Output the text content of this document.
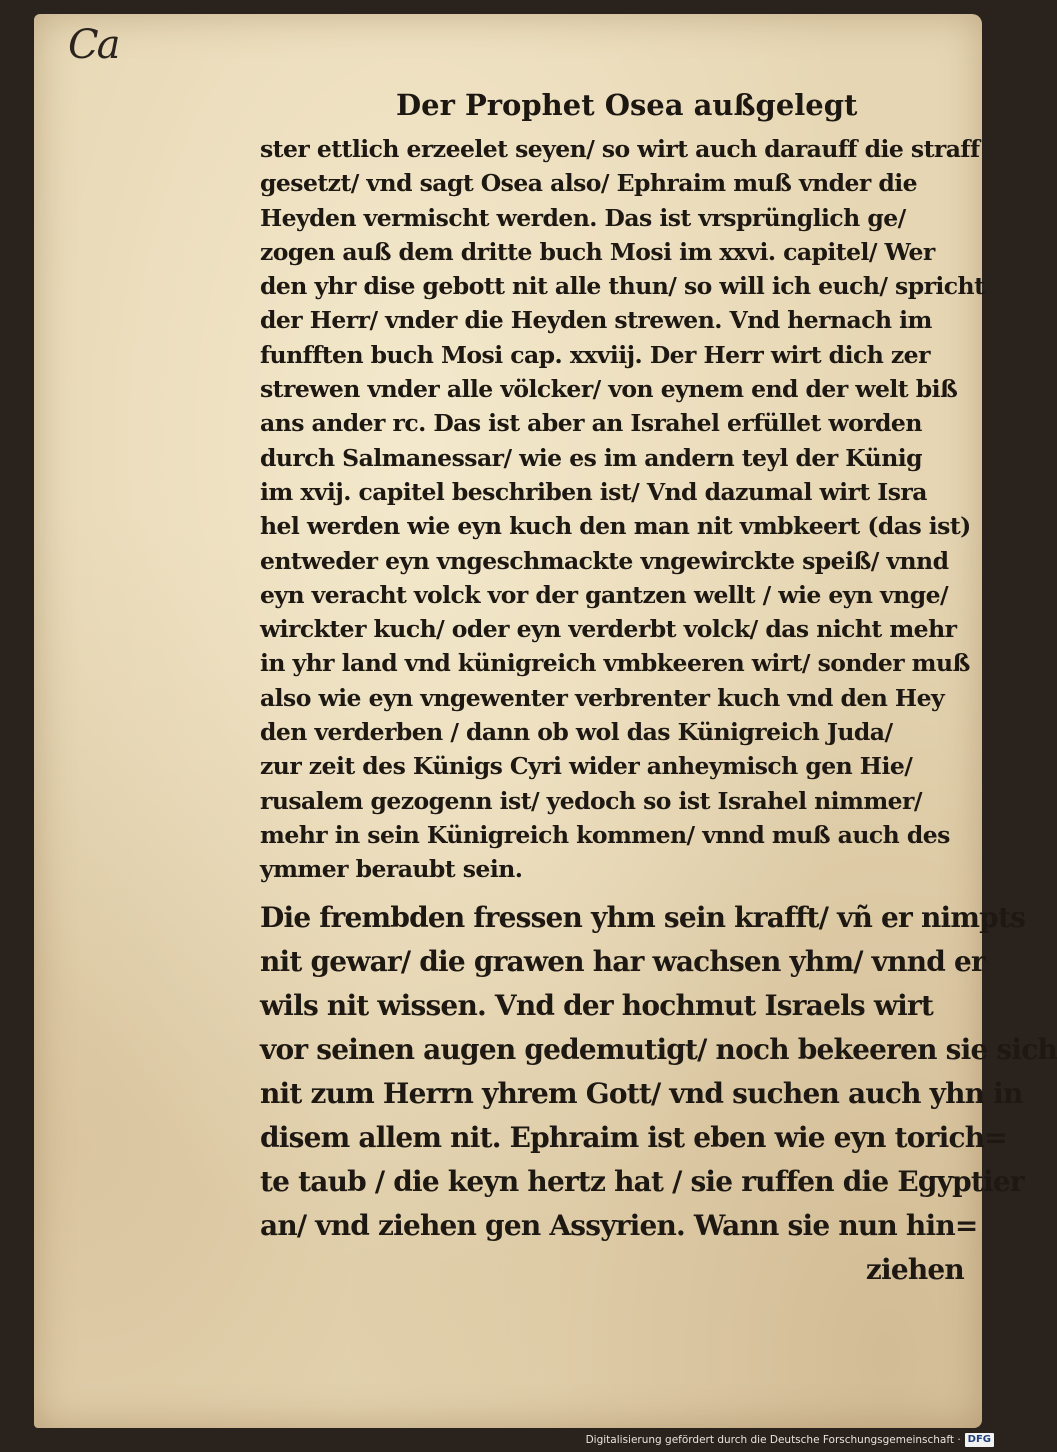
Ca
Der Prophet Osea außgelegt
ster ettlich erzeelet seyen/ so wirt auch darauff die straff
gesetzt/ vnd sagt Osea also/ Ephraim muß vnder die
Heyden vermischt werden. Das ist vrsprünglich ge/
zogen auß dem dritte buch Mosi im xxvi. capitel/ Wer
den yhr dise gebott nit alle thun/ so will ich euch/ spricht
der Herr/ vnder die Heyden strewen. Vnd hernach im
funfften buch Mosi cap. xxviij. Der Herr wirt dich zer
strewen vnder alle völcker/ von eynem end der welt biß
ans ander rc. Das ist aber an Israhel erfüllet worden
durch Salmanessar/ wie es im andern teyl der Künig
im xvij. capitel beschriben ist/ Vnd dazumal wirt Isra
hel werden wie eyn kuch den man nit vmbkeert (das ist)
entweder eyn vngeschmackte vngewirckte speiß/ vnnd
eyn veracht volck vor der gantzen wellt / wie eyn vnge/
wirckter kuch/ oder eyn verderbt volck/ das nicht mehr
in yhr land vnd künigreich vmbkeeren wirt/ sonder muß
also wie eyn vngewenter verbrenter kuch vnd den Hey
den verderben / dann ob wol das Künigreich Juda/
zur zeit des Künigs Cyri wider anheymisch gen Hie/
rusalem gezogenn ist/ yedoch so ist Israhel nimmer/
mehr in sein Künigreich kommen/ vnnd muß auch des
ymmer beraubt sein.
Die frembden fressen yhm sein krafft/ vñ er nimpts
nit gewar/ die grawen har wachsen yhm/ vnnd er
wils nit wissen. Vnd der hochmut Israels wirt
vor seinen augen gedemutigt/ noch bekeeren sie sich
nit zum Herrn yhrem Gott/ vnd suchen auch yhn in
disem allem nit. Ephraim ist eben wie eyn torich=
te taub / die keyn hertz hat / sie ruffen die Egyptier
an/ vnd ziehen gen Assyrien. Wann sie nun hin=
ziehen
Digitalisierung gefördert durch die Deutsche Forschungsgemeinschaft · DFG
